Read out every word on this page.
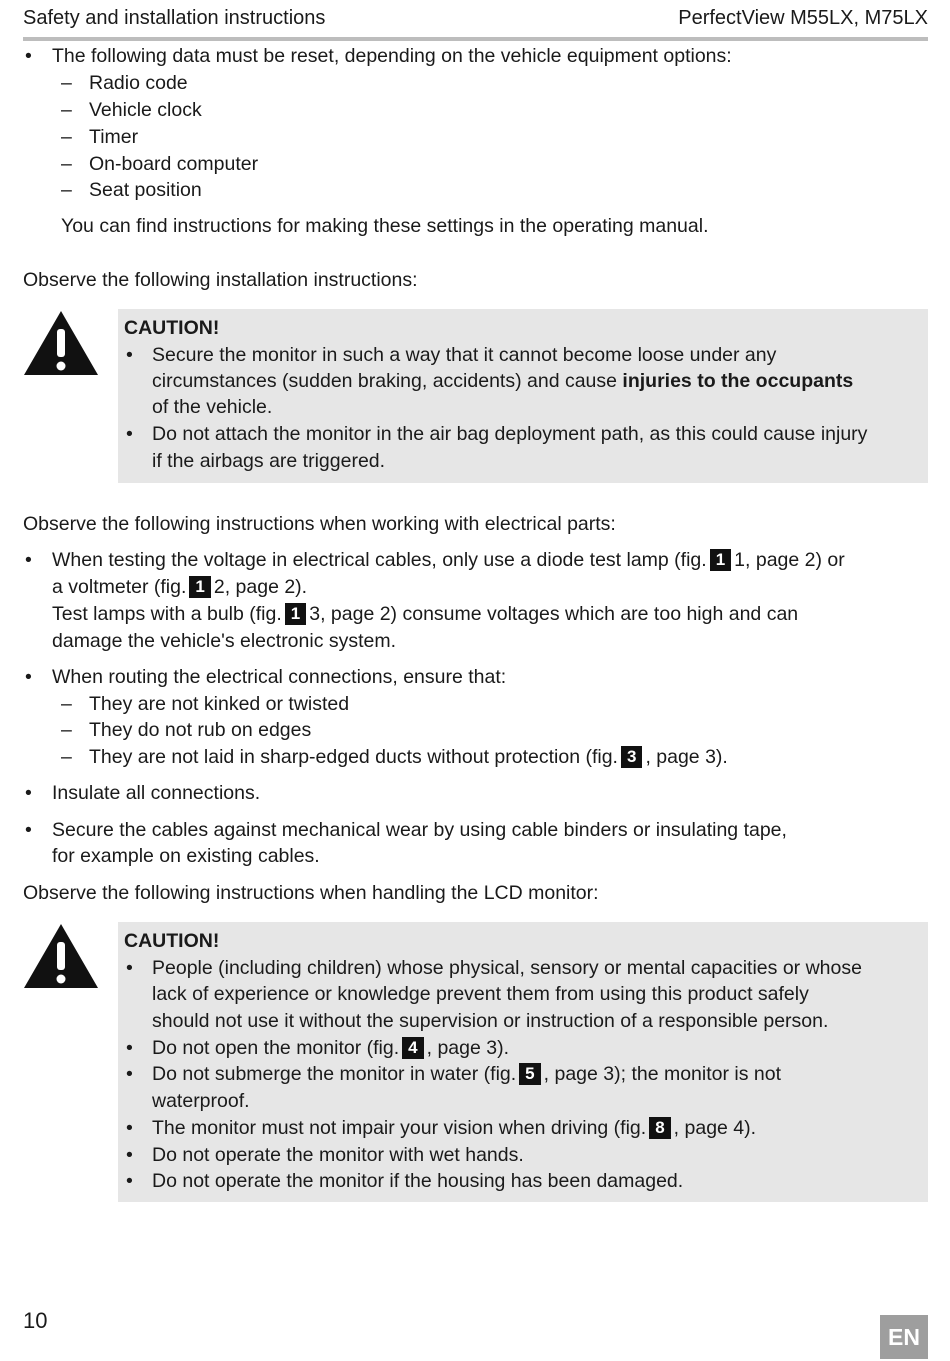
Safety and installation instructions	PerfectView M55LX, M75LX
• The following data must be reset, depending on the vehicle equipment options:
– Radio code
– Vehicle clock
– Timer
– On-board computer
– Seat position
You can find instructions for making these settings in the operating manual.
Observe the following installation instructions:
CAUTION!
• Secure the monitor in such a way that it cannot become loose under any
circumstances (sudden braking, accidents) and cause injuries to the occupants
of the vehicle.
• Do not attach the monitor in the air bag deployment path, as this could cause injury
if the airbags are triggered.
Observe the following instructions when working with electrical parts:
• When testing the voltage in electrical cables, only use a diode test lamp (fig. 1 1, page 2) or
a voltmeter (fig. 1 2, page 2).
Test lamps with a bulb (fig. 1 3, page 2) consume voltages which are too high and can
damage the vehicle's electronic system.
• When routing the electrical connections, ensure that:
– They are not kinked or twisted
– They do not rub on edges
– They are not laid in sharp-edged ducts without protection (fig. 3 , page 3).
• Insulate all connections.
• Secure the cables against mechanical wear by using cable binders or insulating tape,
for example on existing cables.
Observe the following instructions when handling the LCD monitor:
CAUTION!
• People (including children) whose physical, sensory or mental capacities or whose
lack of experience or knowledge prevent them from using this product safely
should not use it without the supervision or instruction of a responsible person.
• Do not open the monitor (fig. 4 , page 3).
• Do not submerge the monitor in water (fig. 5 , page 3); the monitor is not
waterproof.
• The monitor must not impair your vision when driving (fig. 8 , page 4).
• Do not operate the monitor with wet hands.
• Do not operate the monitor if the housing has been damaged.
10
EN
